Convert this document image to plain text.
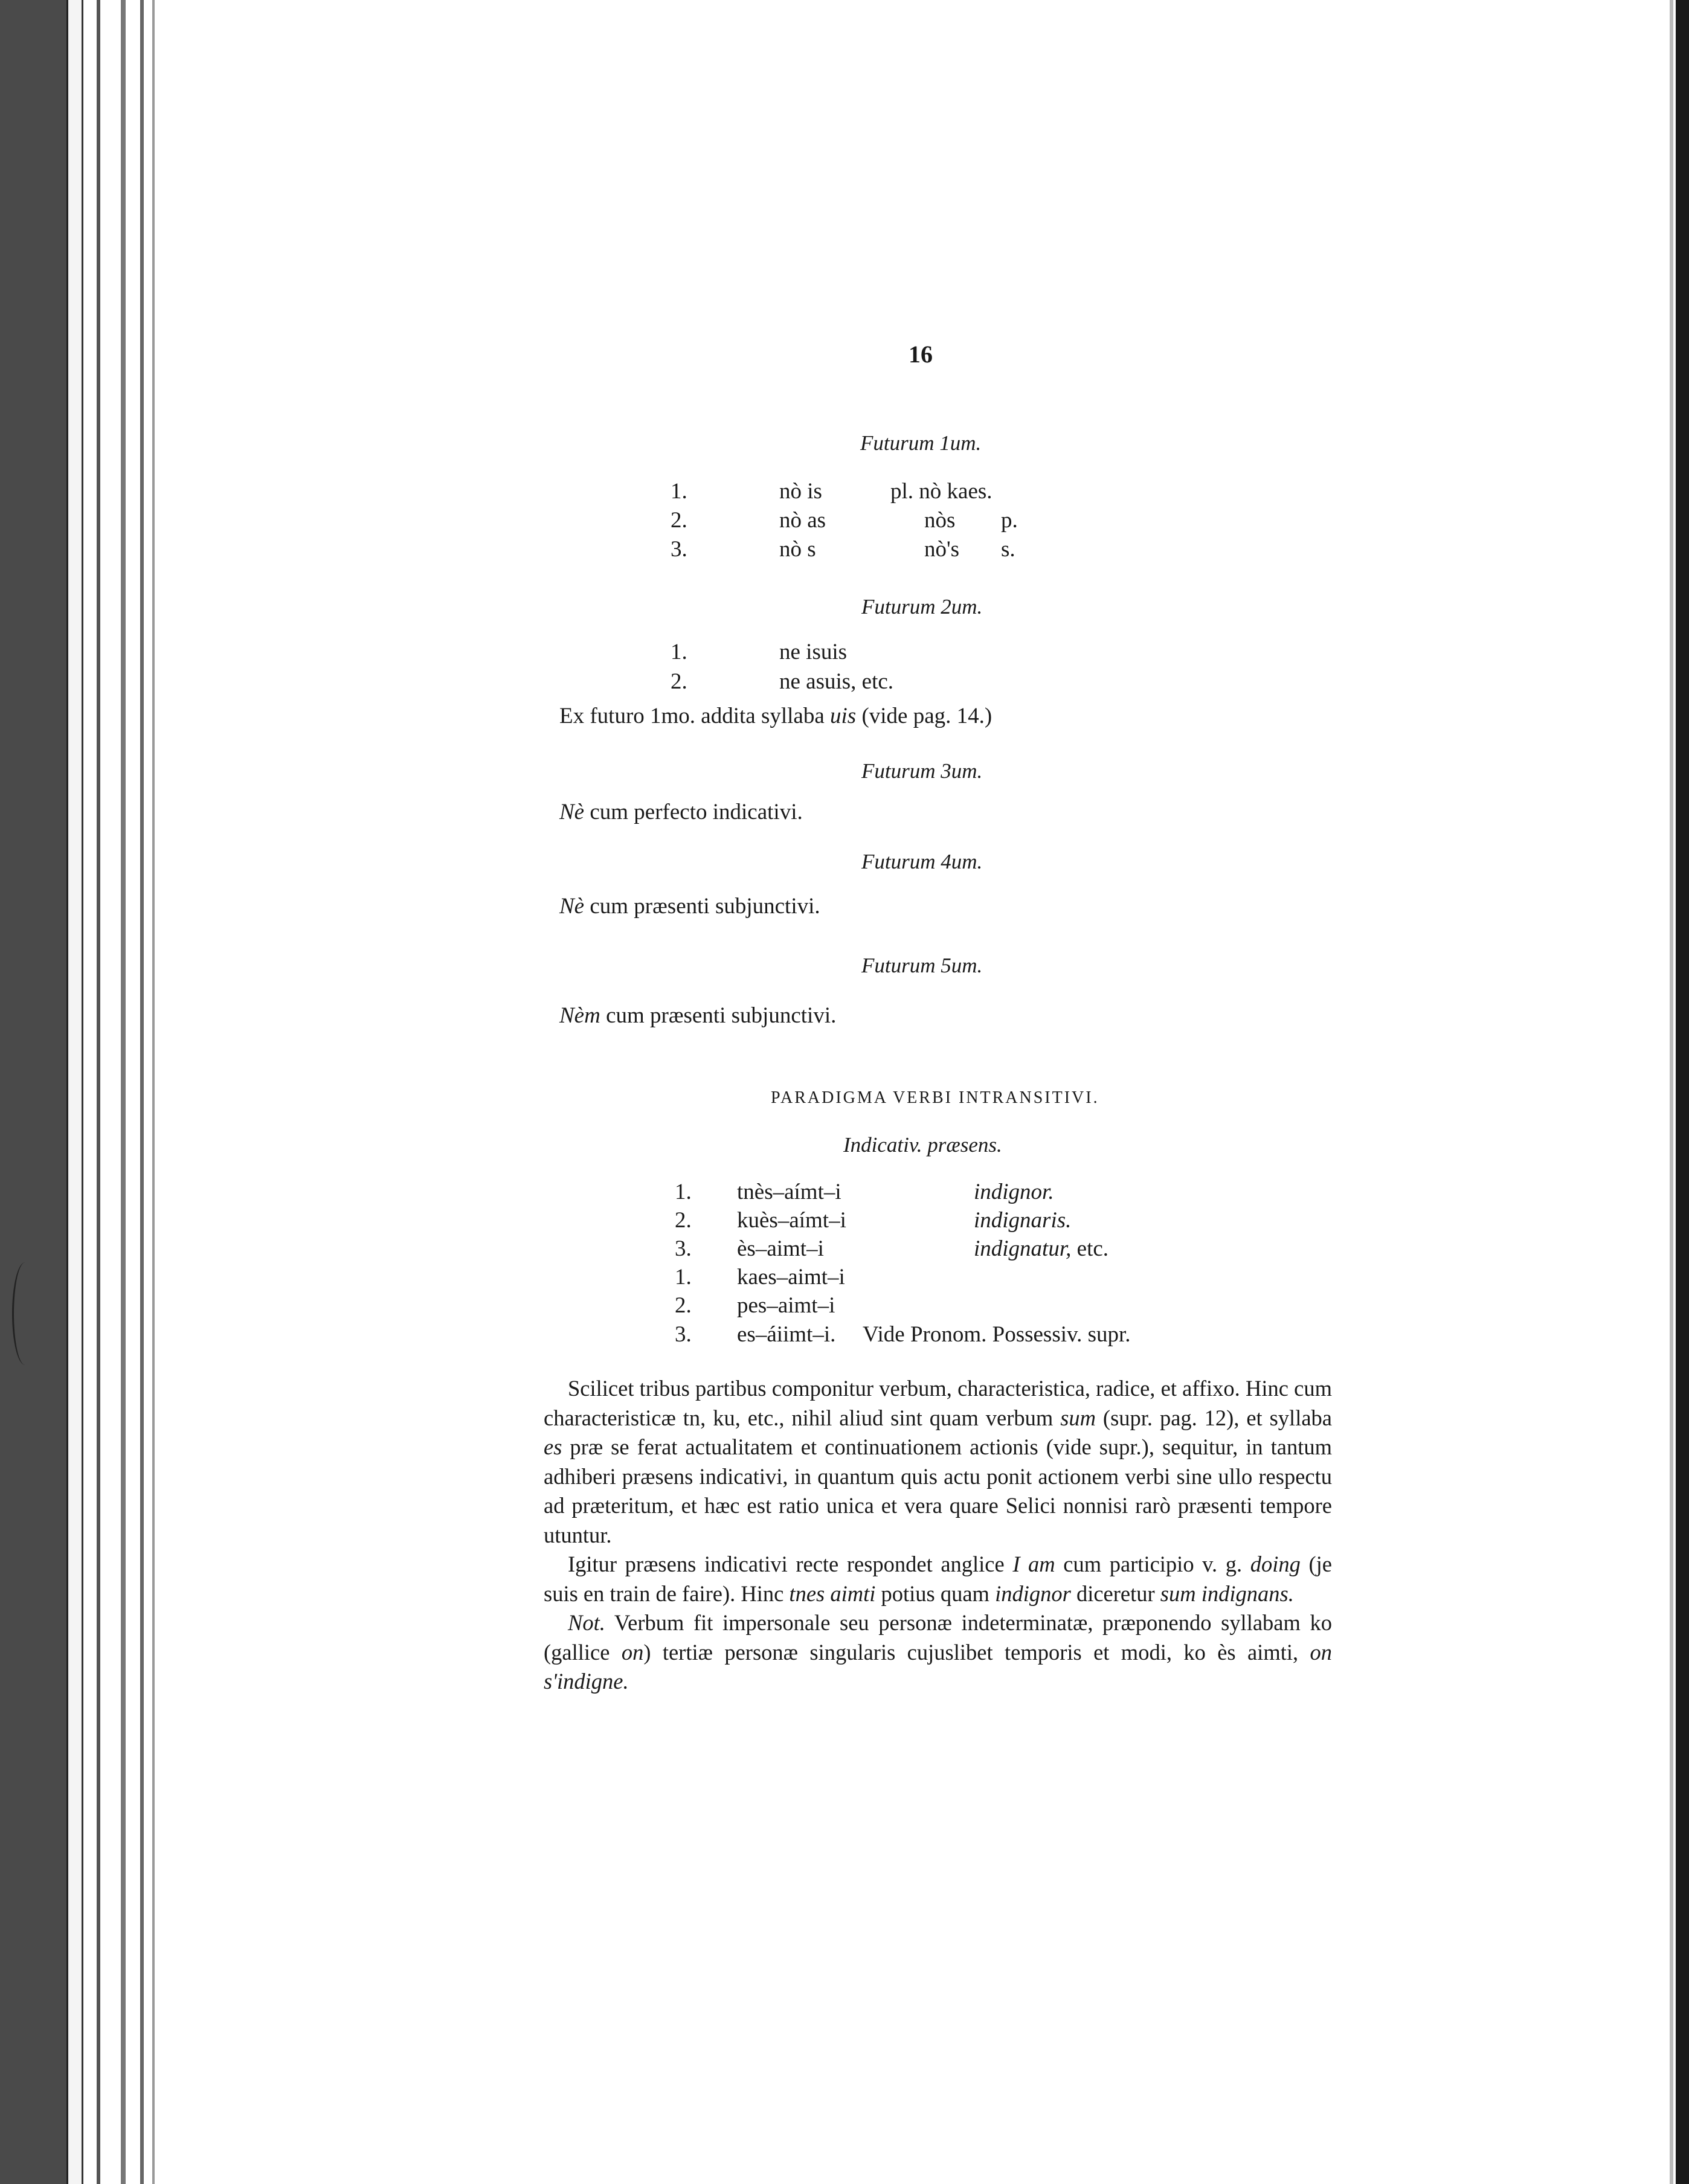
16
Futurum 1um.
1.	nò is	pl. nò kaes.
2.	nò as	nòs p.
3.	nò s	nò's s.
Futurum 2um.
1.	ne isuis
2.	ne asuis, etc.
Ex futuro 1mo. addita syllaba uis (vide pag. 14.)
Futurum 3um.
Nè cum perfecto indicativi.
Futurum 4um.
Nè cum præsenti subjunctivi.
Futurum 5um.
Nèm cum præsenti subjunctivi.
PARADIGMA VERBI INTRANSITIVI.
Indicativ. præsens.
1. tnès–aímt–i	indignor.
2. kuès–aímt–i	indignaris.
3. ès–aimt–i	indignatur, etc.
1. kaes–aimt–i
2. pes–aimt–i
3. es–áiimt–i. Vide Pronom. Possessiv. supr.

Scilicet tribus partibus componitur verbum, characteristica, radice, et affixo. Hinc cum characteristicæ tn, ku, etc., nihil aliud sint quam verbum sum (supr. pag. 12), et syllaba es præ se ferat actualitatem et continuationem actionis (vide supr.), sequitur, in tantum adhiberi præsens indicativi, in quantum quis actu ponit actionem verbi sine ullo respectu ad præteritum, et hæc est ratio unica et vera quare Selici nonnisi rarò præsenti tempore utuntur.

Igitur præsens indicativi recte respondet anglice I am cum participio v. g. doing (je suis en train de faire). Hinc tnes aimti potius quam indignor diceretur sum indignans.

Not. Verbum fit impersonale seu personæ indeterminatæ, præponendo syllabam ko (gallice on) tertiæ personæ singularis cujuslibet temporis et modi, ko ès aimti, on s'indigne.
